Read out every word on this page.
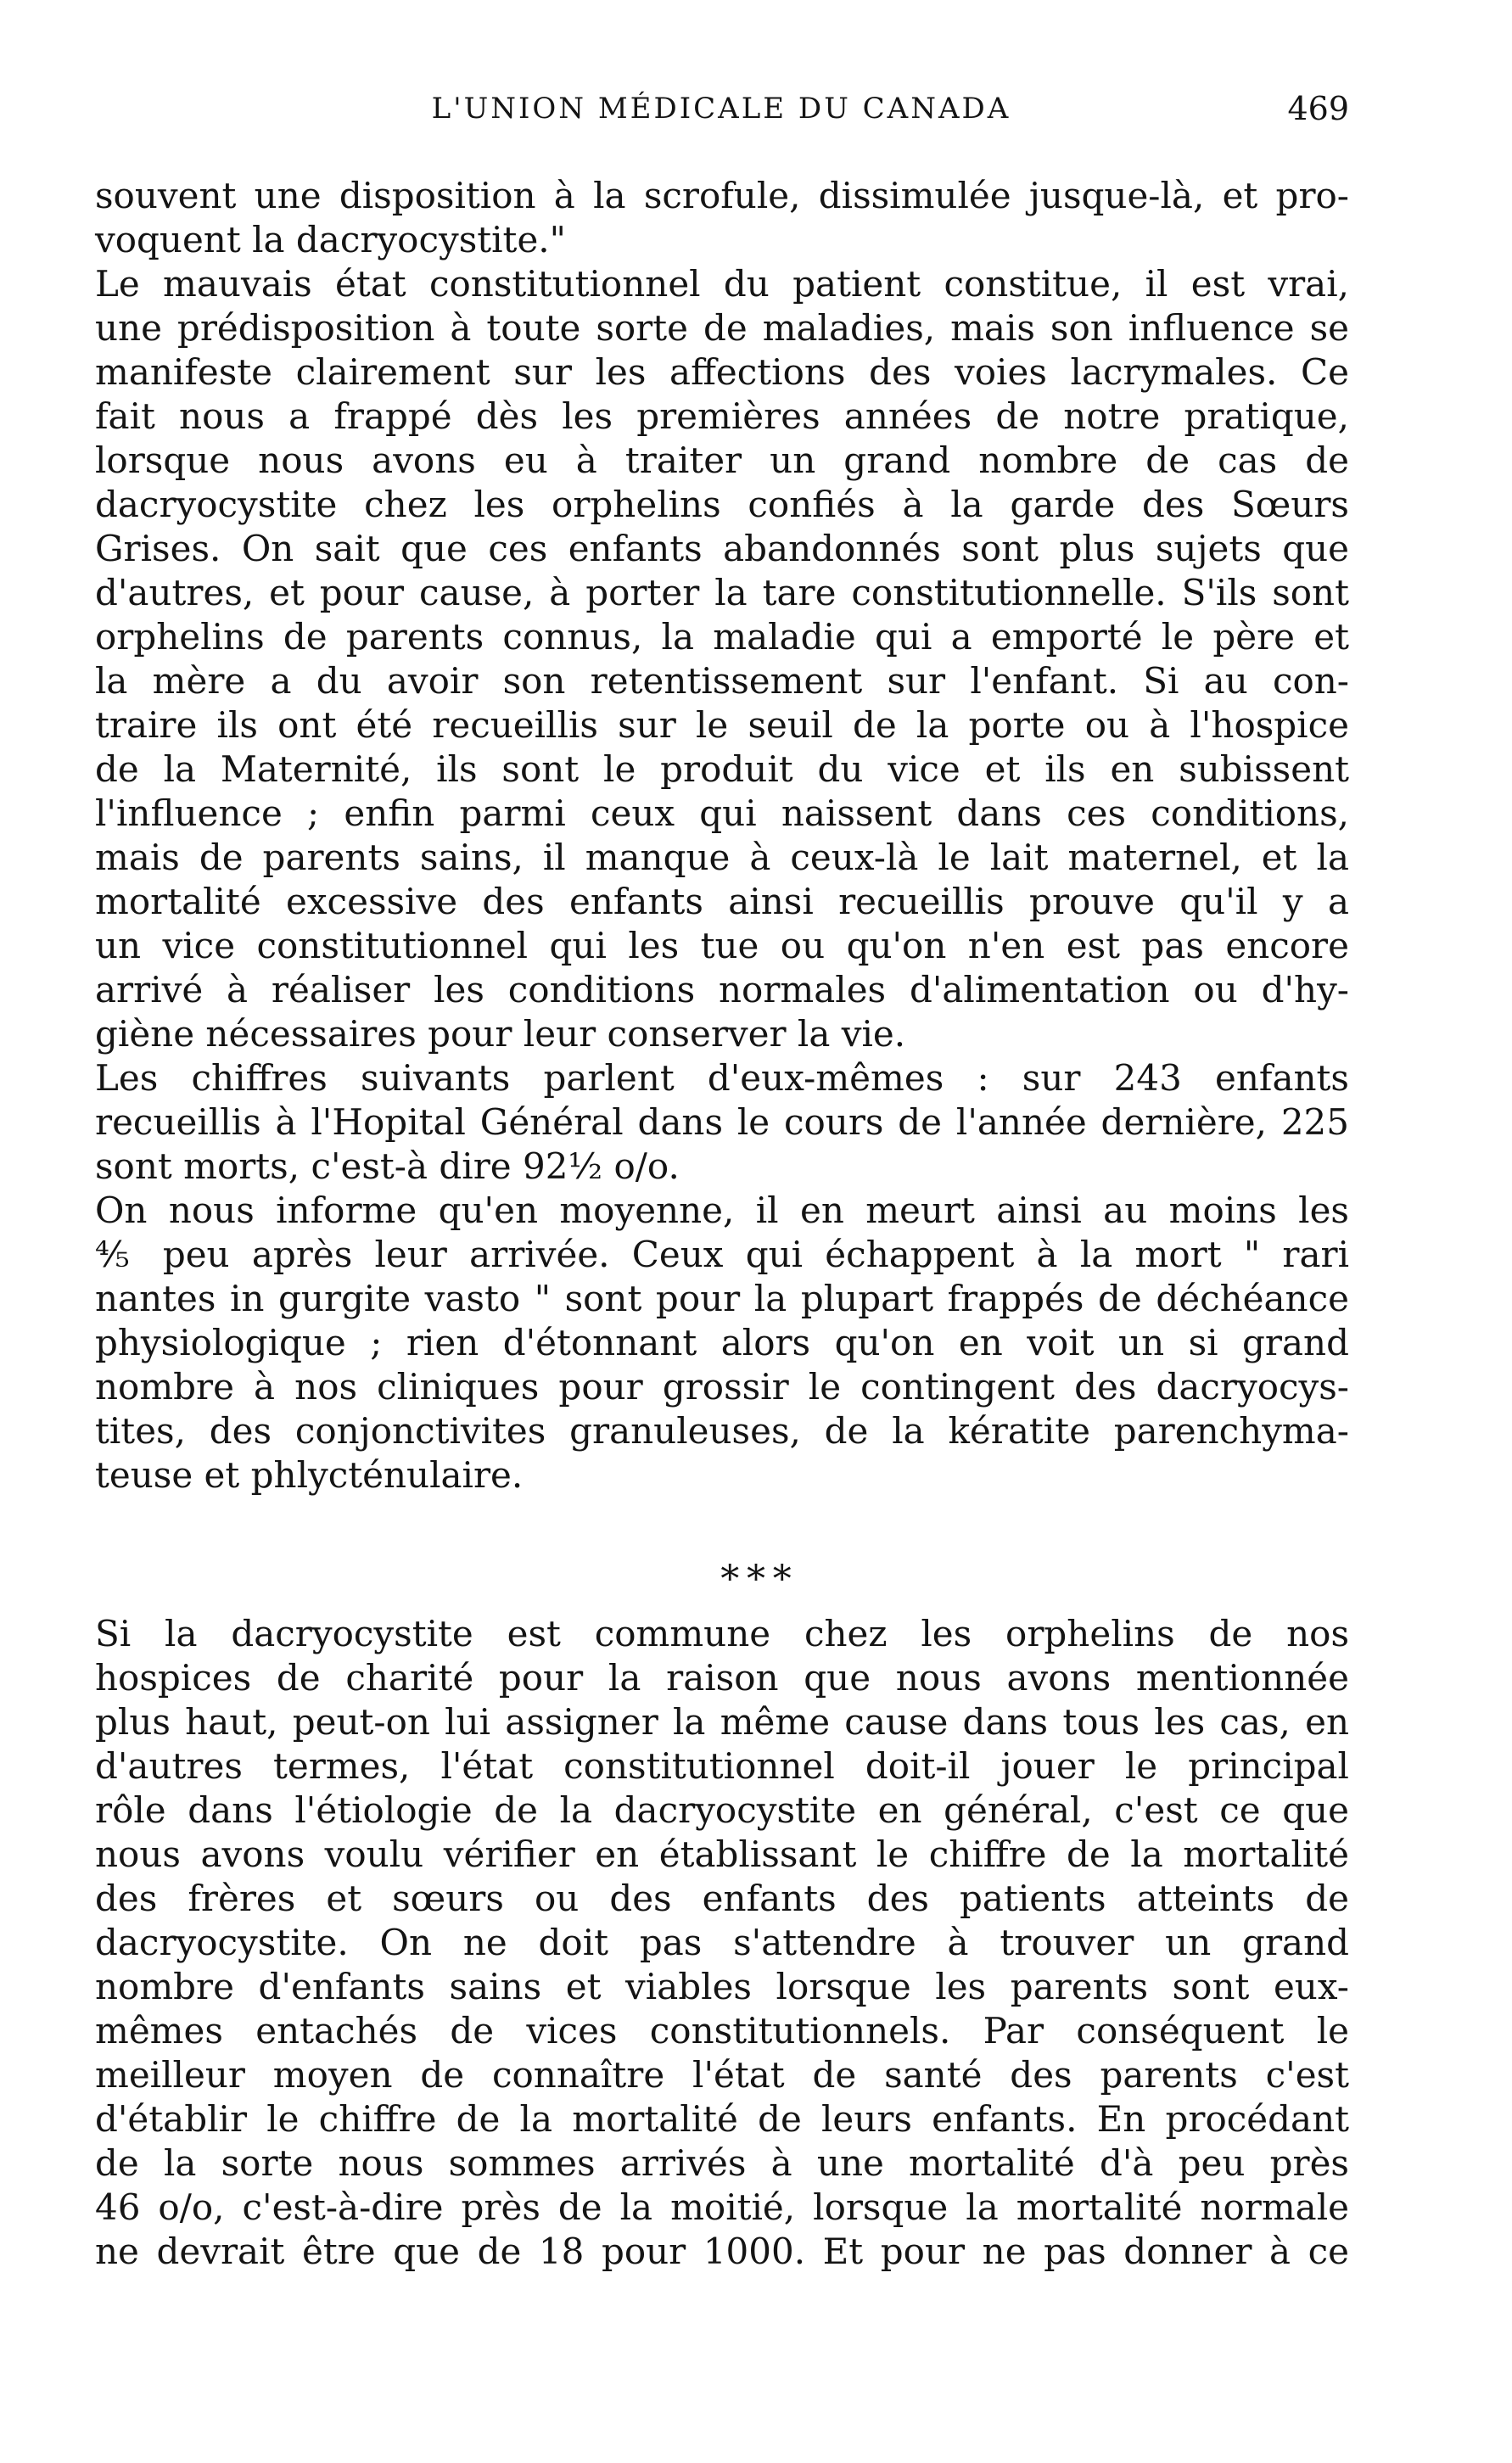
L'UNION MÉDICALE DU CANADA	469
souvent une disposition à la scrofule, dissimulée jusque-là, et pro-
voquent la dacryocystite."
Le mauvais état constitutionnel du patient constitue, il est vrai,
une prédisposition à toute sorte de maladies, mais son influence se
manifeste clairement sur les affections des voies lacrymales. Ce
fait nous a frappé dès les premières années de notre pratique,
lorsque nous avons eu à traiter un grand nombre de cas de
dacryocystite chez les orphelins confiés à la garde des Sœurs
Grises. On sait que ces enfants abandonnés sont plus sujets que
d'autres, et pour cause, à porter la tare constitutionnelle. S'ils sont
orphelins de parents connus, la maladie qui a emporté le père et
la mère a du avoir son retentissement sur l'enfant. Si au con-
traire ils ont été recueillis sur le seuil de la porte ou à l'hospice
de la Maternité, ils sont le produit du vice et ils en subissent
l'influence ; enfin parmi ceux qui naissent dans ces conditions,
mais de parents sains, il manque à ceux-là le lait maternel, et la
mortalité excessive des enfants ainsi recueillis prouve qu'il y a
un vice constitutionnel qui les tue ou qu'on n'en est pas encore
arrivé à réaliser les conditions normales d'alimentation ou d'hy-
giène nécessaires pour leur conserver la vie.
Les chiffres suivants parlent d'eux-mêmes : sur 243 enfants
recueillis à l'Hopital Général dans le cours de l'année dernière, 225
sont morts, c'est-à dire 92½ o/o.
On nous informe qu'en moyenne, il en meurt ainsi au moins les
⅘ peu après leur arrivée. Ceux qui échappent à la mort " rari
nantes in gurgite vasto " sont pour la plupart frappés de déchéance
physiologique ; rien d'étonnant alors qu'on en voit un si grand
nombre à nos cliniques pour grossir le contingent des dacryocys-
tites, des conjonctivites granuleuses, de la kératite parenchyma-
teuse et phlycténulaire.
* * *
Si la dacryocystite est commune chez les orphelins de nos
hospices de charité pour la raison que nous avons mentionnée
plus haut, peut-on lui assigner la même cause dans tous les cas, en
d'autres termes, l'état constitutionnel doit-il jouer le principal
rôle dans l'étiologie de la dacryocystite en général, c'est ce que
nous avons voulu vérifier en établissant le chiffre de la mortalité
des frères et sœurs ou des enfants des patients atteints de
dacryocystite. On ne doit pas s'attendre à trouver un grand
nombre d'enfants sains et viables lorsque les parents sont eux-
mêmes entachés de vices constitutionnels. Par conséquent le
meilleur moyen de connaître l'état de santé des parents c'est
d'établir le chiffre de la mortalité de leurs enfants. En procédant
de la sorte nous sommes arrivés à une mortalité d'à peu près
46 o/o, c'est-à-dire près de la moitié, lorsque la mortalité normale
ne devrait être que de 18 pour 1000. Et pour ne pas donner à ce
